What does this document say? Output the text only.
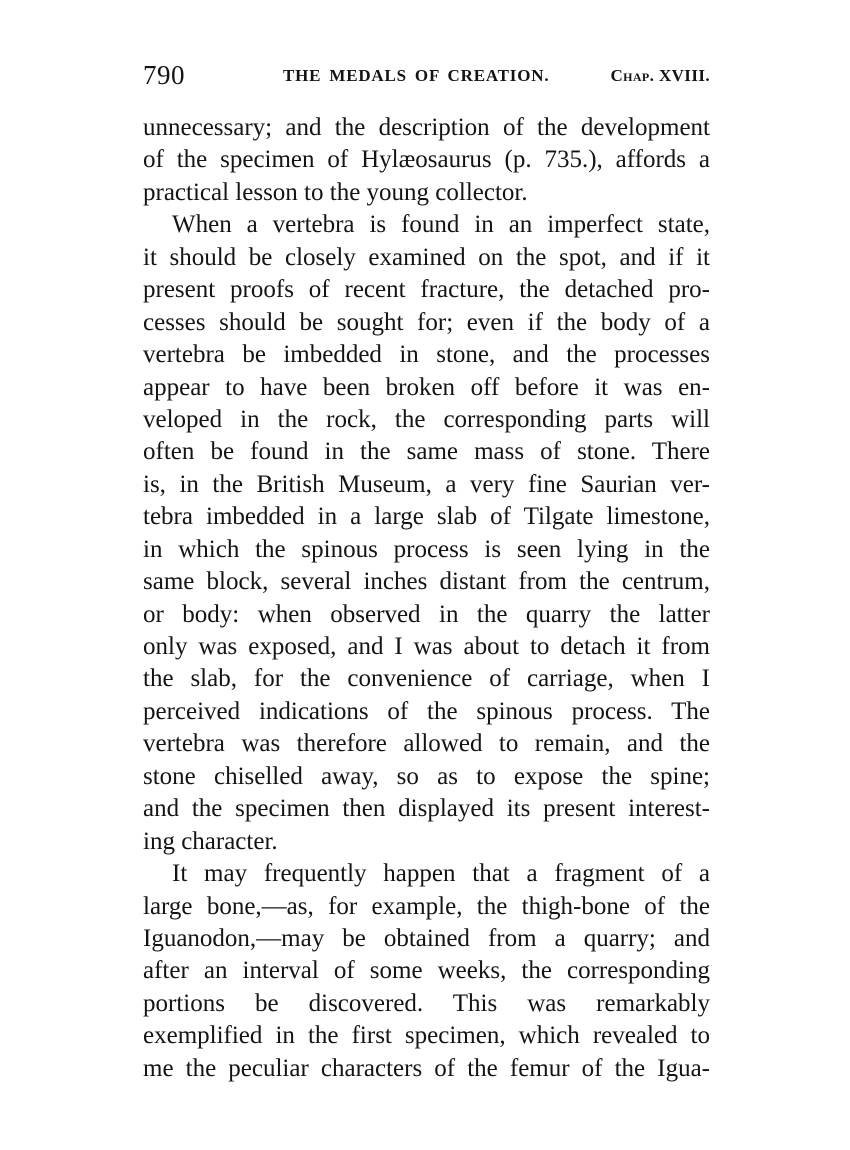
790	THE MEDALS OF CREATION.	Chap. XVIII.
unnecessary; and the description of the development
of the specimen of Hylæosaurus (p. 735.), affords a
practical lesson to the young collector.
When a vertebra is found in an imperfect state,
it should be closely examined on the spot, and if it
present proofs of recent fracture, the detached pro-
cesses should be sought for; even if the body of a
vertebra be imbedded in stone, and the processes
appear to have been broken off before it was en-
veloped in the rock, the corresponding parts will
often be found in the same mass of stone. There
is, in the British Museum, a very fine Saurian ver-
tebra imbedded in a large slab of Tilgate limestone,
in which the spinous process is seen lying in the
same block, several inches distant from the centrum,
or body: when observed in the quarry the latter
only was exposed, and I was about to detach it from
the slab, for the convenience of carriage, when I
perceived indications of the spinous process. The
vertebra was therefore allowed to remain, and the
stone chiselled away, so as to expose the spine;
and the specimen then displayed its present interest-
ing character.
It may frequently happen that a fragment of a
large bone,—as, for example, the thigh-bone of the
Iguanodon,—may be obtained from a quarry; and
after an interval of some weeks, the corresponding
portions be discovered. This was remarkably
exemplified in the first specimen, which revealed to
me the peculiar characters of the femur of the Igua-
